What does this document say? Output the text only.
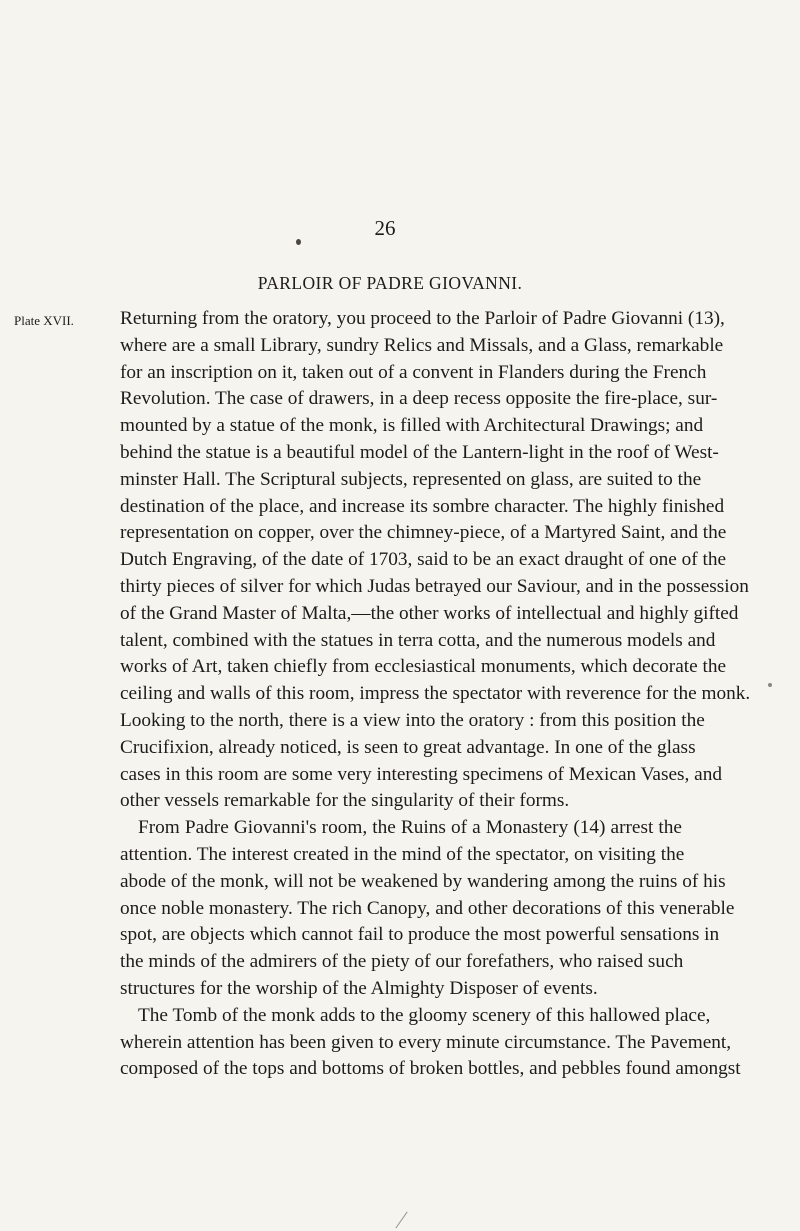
26
PARLOIR OF PADRE GIOVANNI.
Plate XVII. Returning from the oratory, you proceed to the Parloir of Padre Giovanni (13),
where are a small Library, sundry Relics and Missals, and a Glass, remarkable
for an inscription on it, taken out of a convent in Flanders during the French
Revolution. The case of drawers, in a deep recess opposite the fire-place, sur-
mounted by a statue of the monk, is filled with Architectural Drawings; and
behind the statue is a beautiful model of the Lantern-light in the roof of West-
minster Hall. The Scriptural subjects, represented on glass, are suited to the
destination of the place, and increase its sombre character. The highly finished
representation on copper, over the chimney-piece, of a Martyred Saint, and the
Dutch Engraving, of the date of 1703, said to be an exact draught of one of the
thirty pieces of silver for which Judas betrayed our Saviour, and in the possession
of the Grand Master of Malta,—the other works of intellectual and highly gifted
talent, combined with the statues in terra cotta, and the numerous models and
works of Art, taken chiefly from ecclesiastical monuments, which decorate the
ceiling and walls of this room, impress the spectator with reverence for the monk.
Looking to the north, there is a view into the oratory : from this position the
Crucifixion, already noticed, is seen to great advantage. In one of the glass
cases in this room are some very interesting specimens of Mexican Vases, and
other vessels remarkable for the singularity of their forms.
From Padre Giovanni's room, the Ruins of a Monastery (14) arrest the
attention. The interest created in the mind of the spectator, on visiting the
abode of the monk, will not be weakened by wandering among the ruins of his
once noble monastery. The rich Canopy, and other decorations of this venerable
spot, are objects which cannot fail to produce the most powerful sensations in
the minds of the admirers of the piety of our forefathers, who raised such
structures for the worship of the Almighty Disposer of events.
The Tomb of the monk adds to the gloomy scenery of this hallowed place,
wherein attention has been given to every minute circumstance. The Pavement,
composed of the tops and bottoms of broken bottles, and pebbles found amongst
